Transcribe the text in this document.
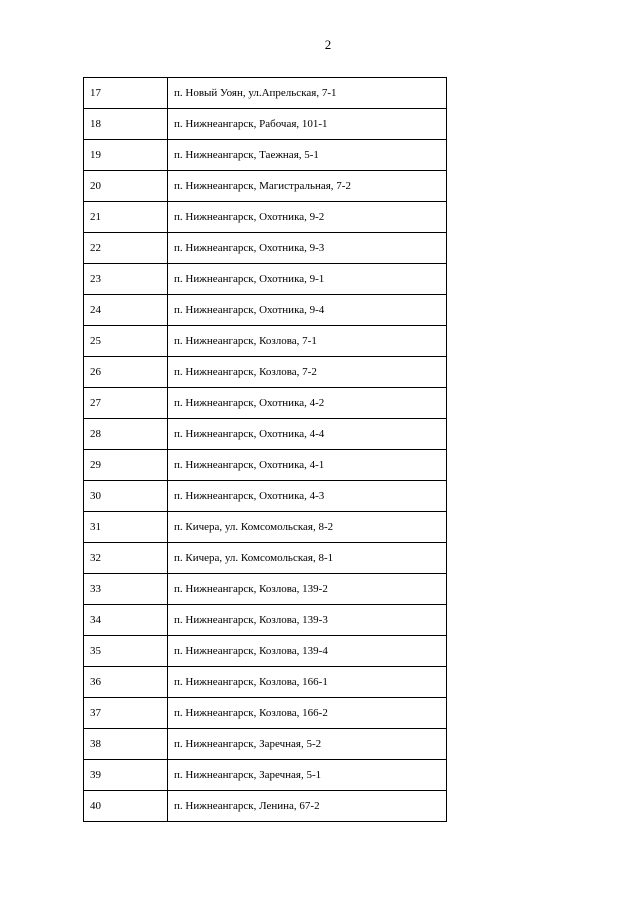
2
17	п. Новый Уоян, ул.Апрельская, 7-1
18	п. Нижнеангарск, Рабочая, 101-1
19	п. Нижнеангарск, Таежная, 5-1
20	п. Нижнеангарск, Магистральная, 7-2
21	п. Нижнеангарск, Охотника, 9-2
22	п. Нижнеангарск, Охотника, 9-3
23	п. Нижнеангарск, Охотника, 9-1
24	п. Нижнеангарск, Охотника, 9-4
25	п. Нижнеангарск, Козлова, 7-1
26	п. Нижнеангарск, Козлова, 7-2
27	п. Нижнеангарск, Охотника, 4-2
28	п. Нижнеангарск, Охотника, 4-4
29	п. Нижнеангарск, Охотника, 4-1
30	п. Нижнеангарск, Охотника, 4-3
31	п. Кичера, ул. Комсомольская, 8-2
32	п. Кичера, ул. Комсомольская, 8-1
33	п. Нижнеангарск, Козлова, 139-2
34	п. Нижнеангарск, Козлова, 139-3
35	п. Нижнеангарск, Козлова, 139-4
36	п. Нижнеангарск, Козлова, 166-1
37	п. Нижнеангарск, Козлова, 166-2
38	п. Нижнеангарск, Заречная, 5-2
39	п. Нижнеангарск, Заречная, 5-1
40	п. Нижнеангарск, Ленина, 67-2
